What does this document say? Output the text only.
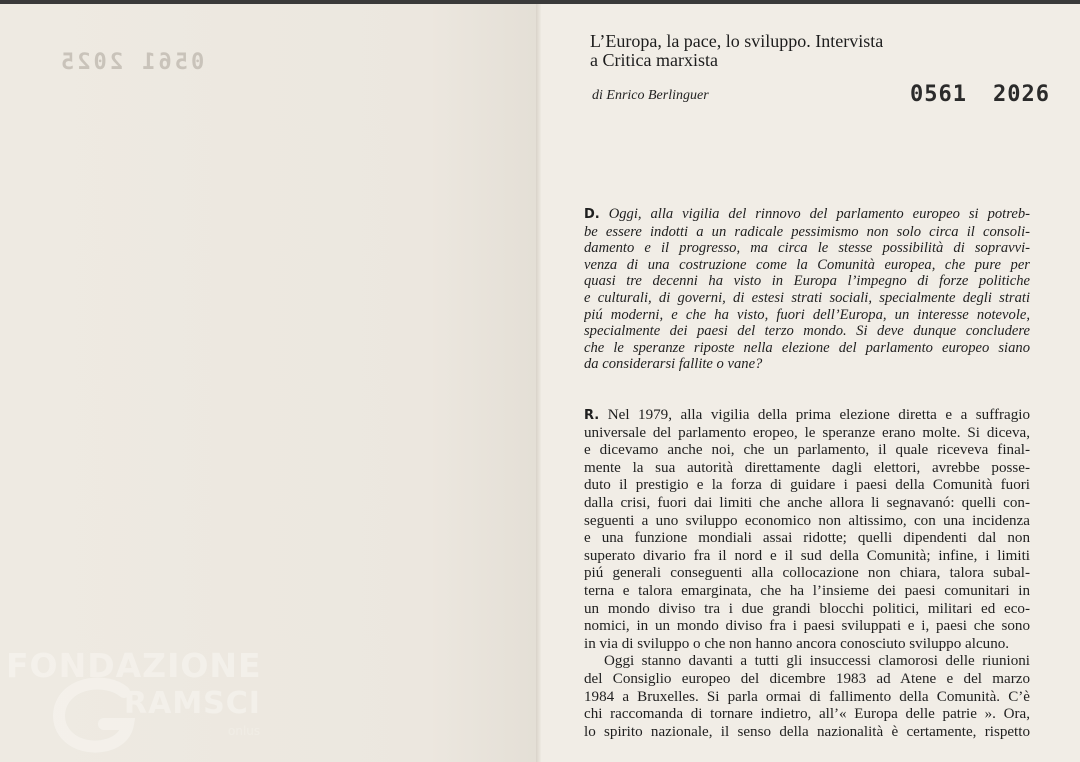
0561 2025
FONDAZIONE
RAMSCI
onlus
L’Europa, la pace, lo sviluppo. Intervista
a Critica marxista
di Enrico Berlinguer	0561 2026
D. Oggi, alla vigilia del rinnovo del parlamento europeo si potreb-
be essere indotti a un radicale pessimismo non solo circa il consoli-
damento e il progresso, ma circa le stesse possibilità di sopravvi-
venza di una costruzione come la Comunità europea, che pure per
quasi tre decenni ha visto in Europa l’impegno di forze politiche
e culturali, di governi, di estesi strati sociali, specialmente degli strati
piú moderni, e che ha visto, fuori dell’Europa, un interesse notevole,
specialmente dei paesi del terzo mondo. Si deve dunque concludere
che le speranze riposte nella elezione del parlamento europeo siano
da considerarsi fallite o vane?
R. Nel 1979, alla vigilia della prima elezione diretta e a suffragio
universale del parlamento eropeo, le speranze erano molte. Si diceva,
e dicevamo anche noi, che un parlamento, il quale riceveva final-
mente la sua autorità direttamente dagli elettori, avrebbe posse-
duto il prestigio e la forza di guidare i paesi della Comunità fuori
dalla crisi, fuori dai limiti che anche allora li segnavanó: quelli con-
seguenti a uno sviluppo economico non altissimo, con una incidenza
e una funzione mondiali assai ridotte; quelli dipendenti dal non
superato divario fra il nord e il sud della Comunità; infine, i limiti
piú generali conseguenti alla collocazione non chiara, talora subal-
terna e talora emarginata, che ha l’insieme dei paesi comunitari in
un mondo diviso tra i due grandi blocchi politici, militari ed eco-
nomici, in un mondo diviso fra i paesi sviluppati e i, paesi che sono
in via di sviluppo o che non hanno ancora conosciuto sviluppo alcuno.
Oggi stanno davanti a tutti gli insuccessi clamorosi delle riunioni
del Consiglio europeo del dicembre 1983 ad Atene e del marzo
1984 a Bruxelles. Si parla ormai di fallimento della Comunità. C’è
chi raccomanda di tornare indietro, all’« Europa delle patrie ». Ora,
lo spirito nazionale, il senso della nazionalità è certamente, rispetto
